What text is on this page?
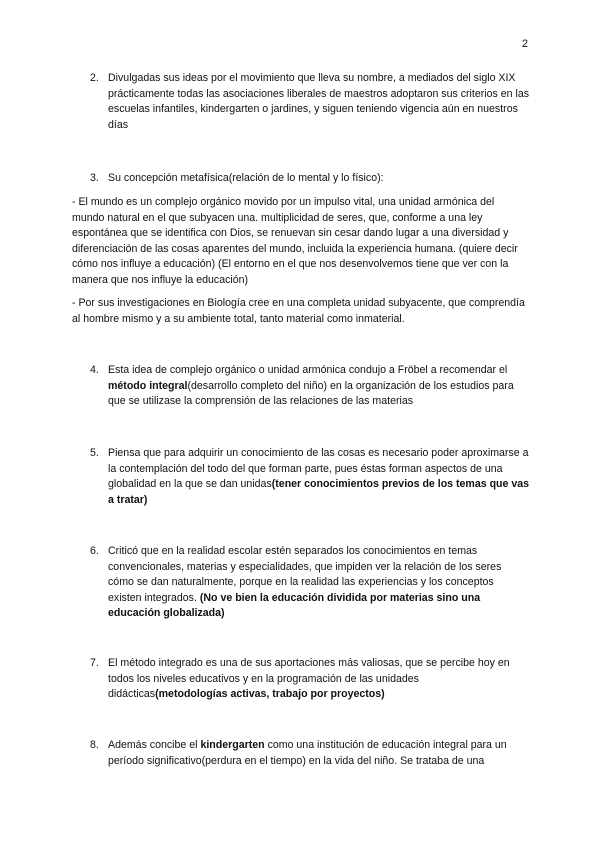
2
2. Divulgadas sus ideas por el movimiento que lleva su nombre, a mediados del siglo XIX prácticamente todas las asociaciones liberales de maestros adoptaron sus criterios en las escuelas infantiles, kindergarten o jardines, y siguen teniendo vigencia aún en nuestros días
3. Su concepción metafísica(relación de lo mental y lo físico):
- El mundo es un complejo orgánico movido por un impulso vital, una unidad armónica del mundo natural en el que subyacen una. multiplicidad de seres, que, conforme a una ley espontánea que se identifica con Dios, se renuevan sin cesar dando lugar a una diversidad y diferenciación de las cosas aparentes del mundo, incluida la experiencia humana. (quiere decir cómo nos influye a educación) (El entorno en el que nos desenvolvemos tiene que ver con la manera que nos influye la educación)
- Por sus investigaciones en Biología cree en una completa unidad subyacente, que comprendía al hombre mismo y a su ambiente total, tanto material como inmaterial.
4. Esta idea de complejo orgánico o unidad armónica condujo a Fröbel a recomendar el método integral(desarrollo completo del niño) en la organización de los estudios para que se utilizase la comprensión de las relaciones de las materias
5. Piensa que para adquirir un conocimiento de las cosas es necesario poder aproximarse a la contemplación del todo del que forman parte, pues éstas forman aspectos de una globalidad en la que se dan unidas(tener conocimientos previos de los temas que vas a tratar)
6. Criticó que en la realidad escolar estén separados los conocimientos en temas convencionales, materias y especialidades, que impiden ver la relación de los seres cómo se dan naturalmente, porque en la realidad las experiencias y los conceptos existen integrados. (No ve bien la educación dividida por materias sino una educación globalizada)
7. El método integrado es una de sus aportaciones más valiosas, que se percibe hoy en todos los niveles educativos y en la programación de las unidades didácticas(metodologías activas, trabajo por proyectos)
8. Además concibe el kindergarten como una institución de educación integral para un período significativo(perdura en el tiempo) en la vida del niño. Se trataba de una
